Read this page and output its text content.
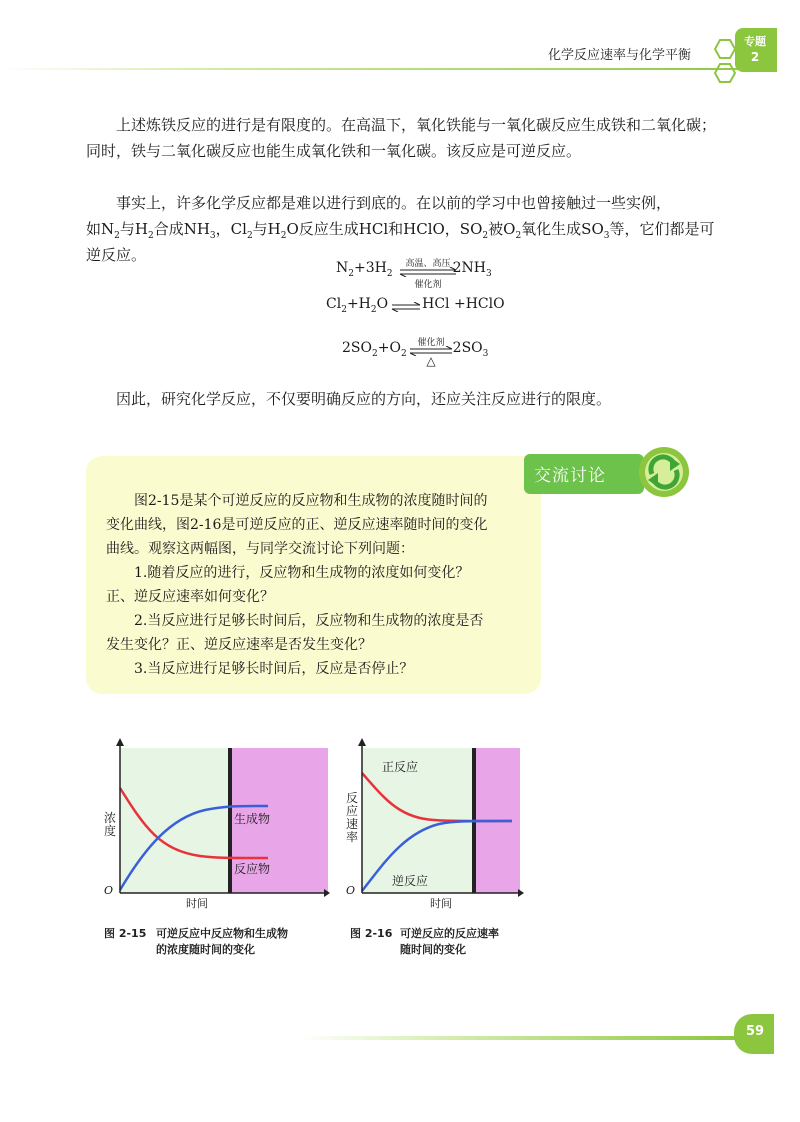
化学反应速率与化学平衡
专题
2
上述炼铁反应的进行是有限度的。在高温下，氧化铁能与一氧化碳反应生成铁和二氧化碳；同时，铁与二氧化碳反应也能生成氧化铁和一氧化碳。该反应是可逆反应。
事实上，许多化学反应都是难以进行到底的。在以前的学习中也曾接触过一些实例，
如$N_2$与$H_2$合成$NH_3$，$Cl_2$与$H_2O$反应生成HCl和HClO，$SO_2$被$O_2$氧化生成$SO_3$等，它们都是可
逆反应。
$N_2+3H_2$	$2NH_3$
高温、高压
催化剂
$Cl_2+H_2O$ HCl +HClO
$2SO_2+O_2$	$2SO_3$
催化剂
△
因此，研究化学反应，不仅要明确反应的方向，还应关注反应进行的限度。
交流讨论
图2-15是某个可逆反应的反应物和生成物的浓度随时间的
变化曲线，图2-16是可逆反应的正、逆反应速率随时间的变化
曲线。观察这两幅图，与同学交流讨论下列问题：
1.随着反应的进行，反应物和生成物的浓度如何变化？
正、逆反应速率如何变化？
2.当反应进行足够长时间后，反应物和生成物的浓度是否
发生变化？正、逆反应速率是否发生变化？
3.当反应进行足够长时间后，反应是否停止？
浓度
O
时间
生成物
反应物
图 2-15 可逆反应中反应物和生成物
的浓度随时间的变化
反应速率
O
时间
正反应
逆反应
图 2-16 可逆反应的反应速率
随时间的变化
59
